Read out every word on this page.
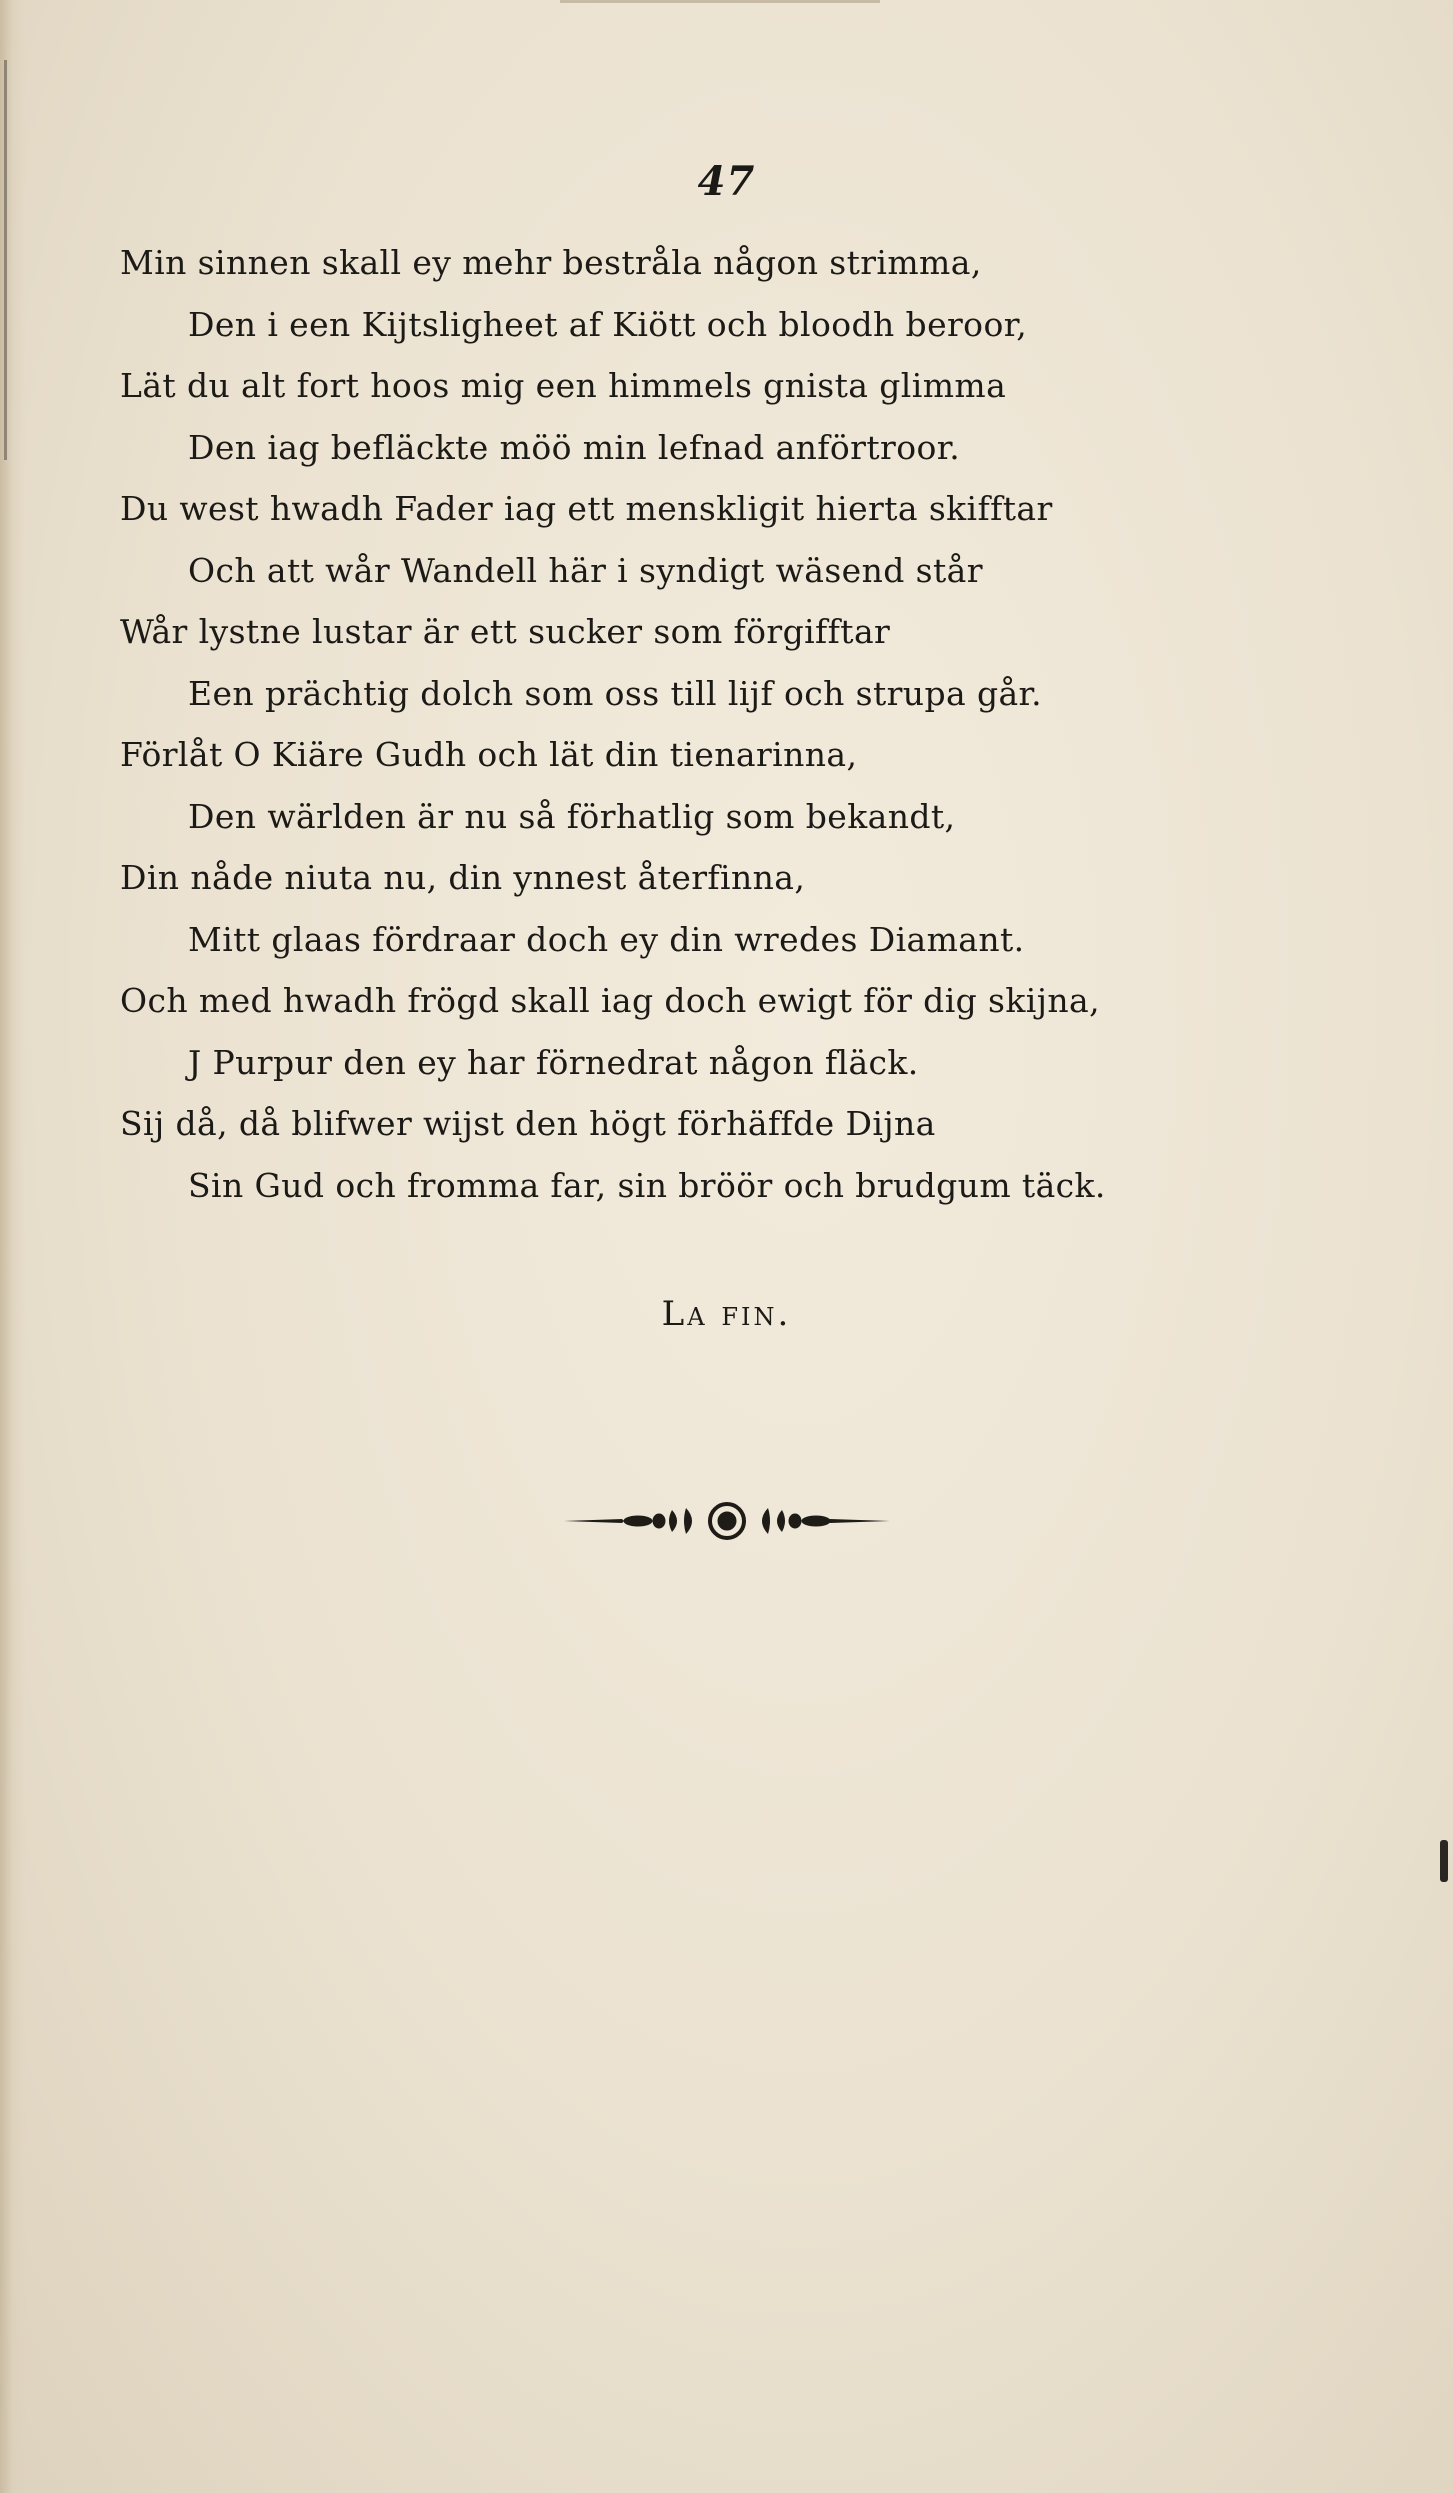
47
Min sinnen skall ey mehr bestråla någon strimma,
Den i een Kijtsligheet af Kiött och bloodh beroor,
Lät du alt fort hoos mig een himmels gnista glimma
Den iag befläckte möö min lefnad anförtroor.
Du west hwadh Fader iag ett menskligit hierta skifftar
Och att wår Wandell här i syndigt wäsend står
Wår lystne lustar är ett sucker som förgifftar
Een prächtig dolch som oss till lijf och strupa går.
Förlåt O Kiäre Gudh och lät din tienarinna,
Den wärlden är nu så förhatlig som bekandt,
Din nåde niuta nu, din ynnest återfinna,
Mitt glaas fördraar doch ey din wredes Diamant.
Och med hwadh frögd skall iag doch ewigt för dig skijna,
J Purpur den ey har förnedrat någon fläck.
Sij då, då blifwer wijst den högt förhäffde Dijna
Sin Gud och fromma far, sin bröör och brudgum täck.
La fin.
